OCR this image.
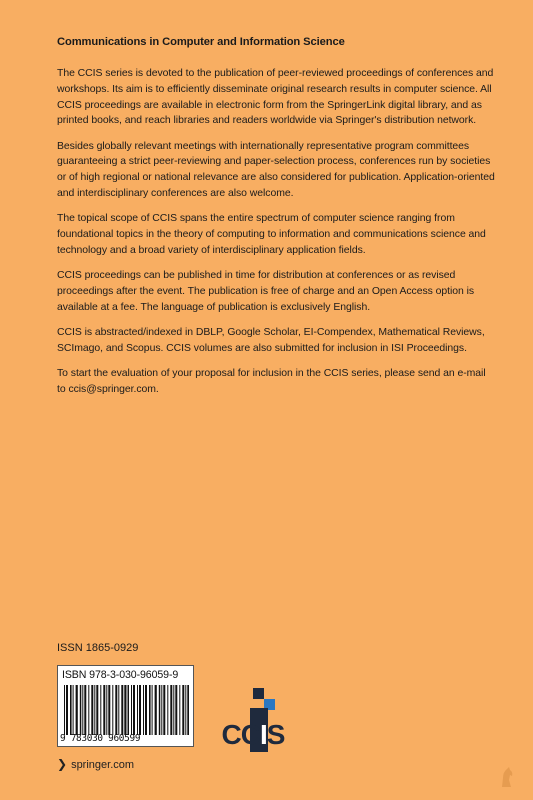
Communications in Computer and Information Science

The CCIS series is devoted to the publication of peer-reviewed proceedings of conferences and workshops. Its aim is to efficiently disseminate original research results in computer science. All CCIS proceedings are available in electronic form from the SpringerLink digital library, and as printed books, and reach libraries and readers worldwide via Springer's distribution network.

Besides globally relevant meetings with internationally representative program committees guaranteeing a strict peer-reviewing and paper-selection process, conferences run by societies or of high regional or national relevance are also considered for publication. Application-oriented and interdisciplinary conferences are also welcome.

The topical scope of CCIS spans the entire spectrum of computer science ranging from foundational topics in the theory of computing to information and communications science and technology and a broad variety of interdisciplinary application fields.

CCIS proceedings can be published in time for distribution at conferences or as revised proceedings after the event. The publication is free of charge and an Open Access option is available at a fee. The language of publication is exclusively English.

CCIS is abstracted/indexed in DBLP, Google Scholar, EI-Compendex, Mathematical Reviews, SCImago, and Scopus. CCIS volumes are also submitted for inclusion in ISI Proceedings.

To start the evaluation of your proposal for inclusion in the CCIS series, please send an e-mail to ccis@springer.com.

ISSN 1865-0929
ISBN 978-3-030-96059-9
9 783030 960599	CCIS
❯ springer.com
